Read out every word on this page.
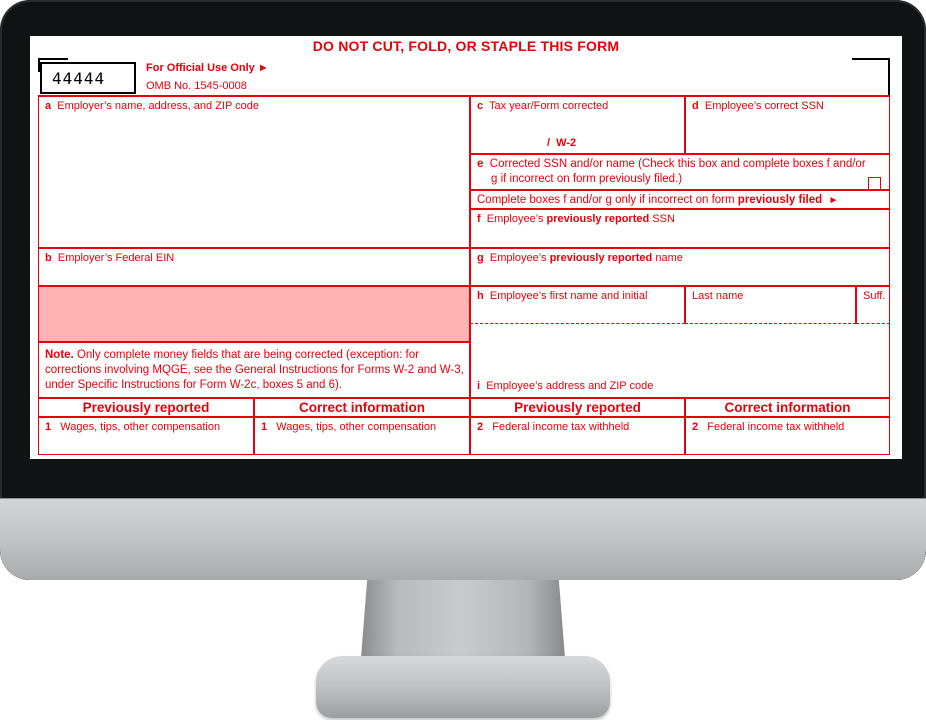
DO NOT CUT, FOLD, OR STAPLE THIS FORM
44444
For Official Use Only ►
OMB No. 1545-0008
a Employer’s name, address, and ZIP code	c Tax year/Form corrected
/  W-2
d Employee’s correct SSN
e Corrected SSN and/or name (Check this box and complete boxes f and/or
g if incorrect on form previously filed.)
Complete boxes f and/or g only if incorrect on form previously filed ►
f Employee’s previously reported SSN
b Employer’s Federal EIN	g Employee’s previously reported name
h Employee’s first name and initial	Last name	Suff.
Note. Only complete money fields that are being corrected (exception: for corrections involving MQGE, see the General Instructions for Forms W-2 and W-3, under Specific Instructions for Form W-2c, boxes 5 and 6).	i Employee’s address and ZIP code
Previously reported	Correct information	Previously reported	Correct information
1 Wages, tips, other compensation	1 Wages, tips, other compensation	2 Federal income tax withheld	2 Federal income tax withheld
